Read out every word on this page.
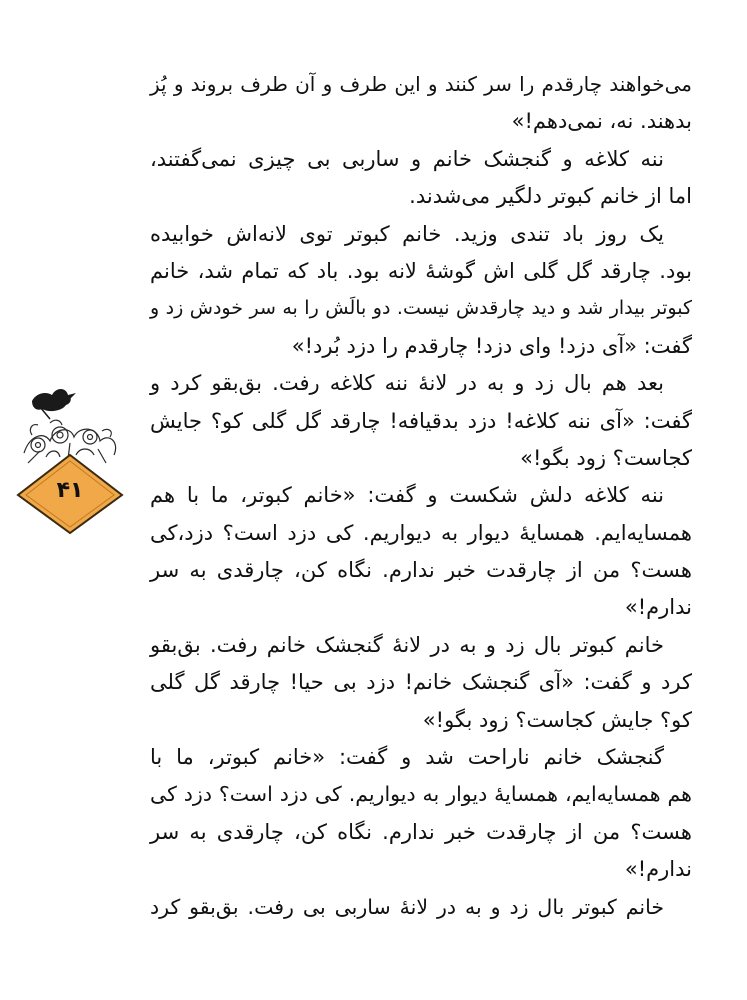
می‌خواهند چارقدم را سر کنند و این طرف و آن طرف بروند و پُز
بدهند. نه، نمی‌دهم!»
ننه کلاغه و گنجشک خانم و سار‌بی بی چیزی نمی‌گفتند،
اما از خانم کبوتر دلگیر می‌شدند.
یک روز باد تندی وزید. خانم کبوتر توی لانه‌اش خوابیده
بود. چارقد گل گلی اش گوشهٔ لانه بود. باد که تمام شد، خانم
کبوتر بیدار شد و دید چارقدش نیست. دو بالَش را به سر خودش زد و
گفت: «آی دزد! وای دزد! چارقدم را دزد بُرد!»
بعد هم بال زد و به در لانهٔ ننه کلاغه رفت. بق‌بقو کرد و
گفت: «آی ننه کلاغه! دزد بدقیافه! چارقد گل گلی کو؟ جایش
کجاست؟ زود بگو!»
ننه کلاغه دلش شکست و گفت: «خانم کبوتر، ما با هم
همسایه‌ایم. همسایهٔ دیوار به دیواریم. کی دزد است؟ دزد،کی
هست؟ من از چارقدت خبر ندارم. نگاه کن، چارقدی به سر
ندارم!»
خانم کبوتر بال زد و به در لانهٔ گنجشک خانم رفت. بق‌بقو
کرد و گفت: «آی گنجشک خانم! دزد بی حیا! چارقد گل گلی
کو؟ جایش کجاست؟ زود بگو!»
گنجشک خانم ناراحت شد و گفت: «خانم کبوتر، ما با
هم همسایه‌ایم، همسایهٔ دیوار به دیواریم. کی دزد است؟ دزد کی
هست؟ من از چارقدت خبر ندارم. نگاه کن، چارقدی به سر
ندارم!»
خانم کبوتر بال زد و به در لانهٔ ساربی بی رفت. بق‌بقو کرد
۴۱
